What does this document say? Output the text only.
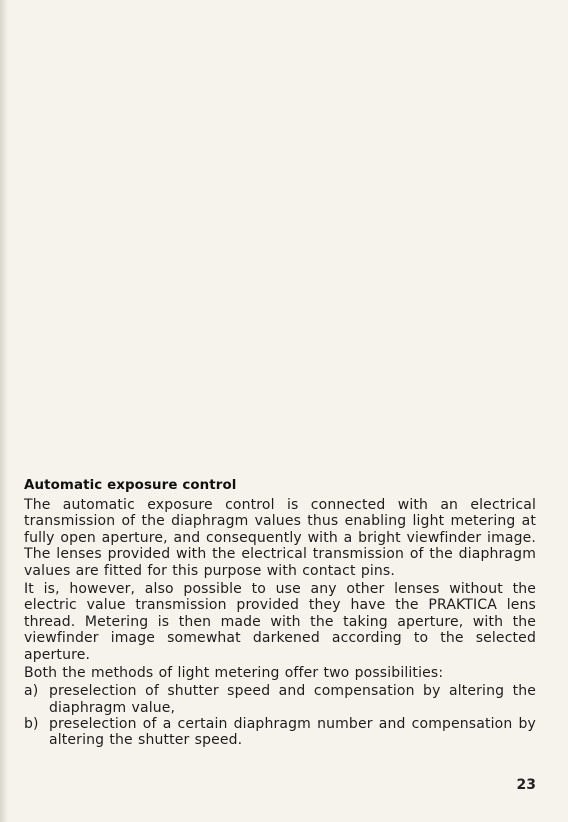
Automatic exposure control

The automatic exposure control is connected with an electrical transmission of the diaphragm values thus enabling light metering at fully open aperture, and consequently with a bright viewfinder image. The lenses provided with the electrical transmission of the diaphragm values are fitted for this purpose with contact pins.

It is, however, also possible to use any other lenses without the electric value transmission provided they have the PRAKTICA lens thread. Metering is then made with the taking aperture, with the viewfinder image somewhat darkened according to the selected aperture.

Both the methods of light metering offer two possibilities:

a) preselection of shutter speed and compensation by altering the diaphragm value,
b) preselection of a certain diaphragm number and compensation by altering the shutter speed.
23
